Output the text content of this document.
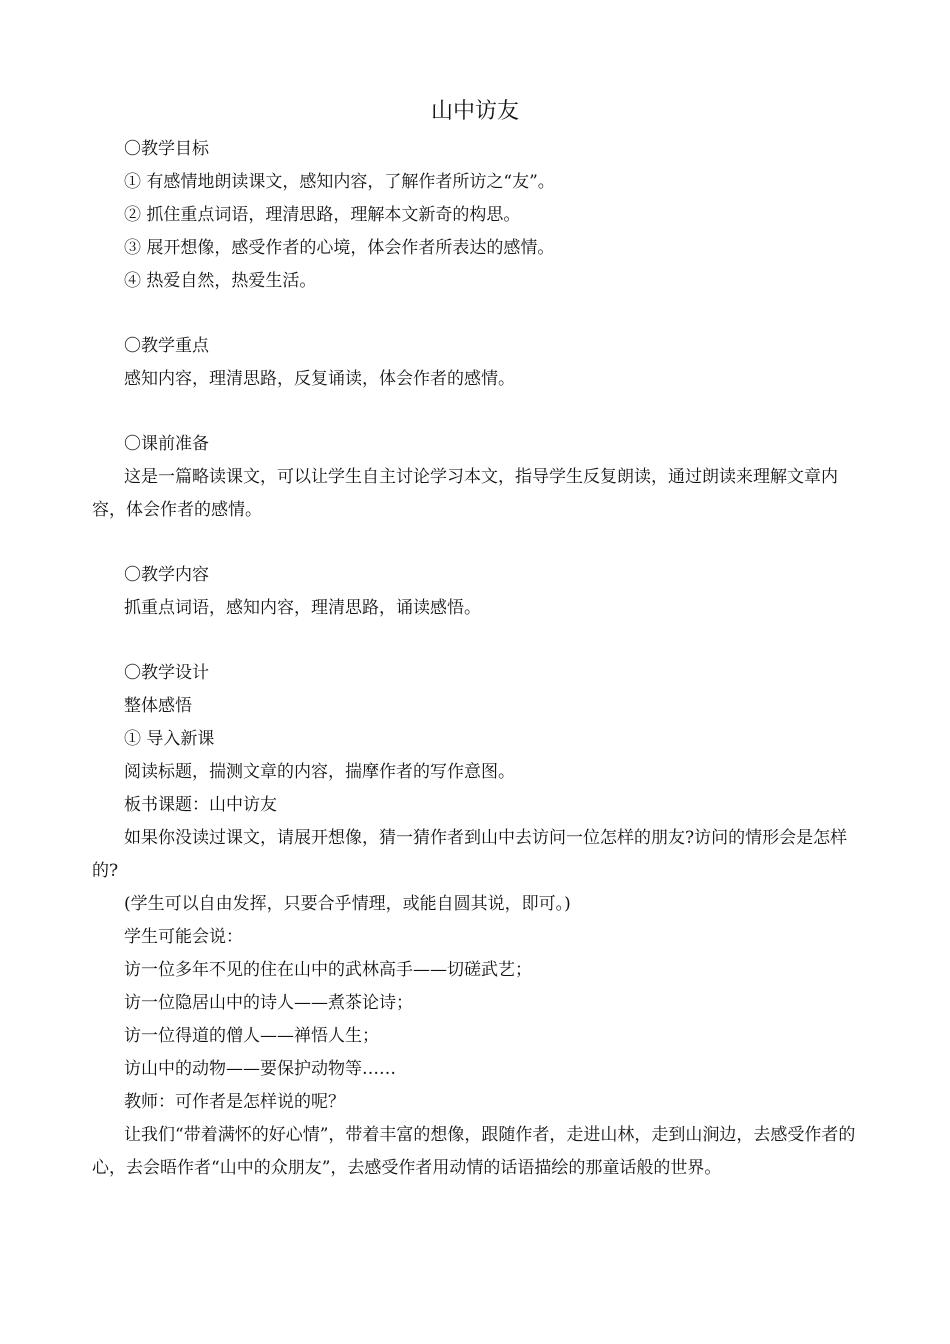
山中访友

〇教学目标

① 有感情地朗读课文，感知内容，了解作者所访之“友”。

② 抓住重点词语，理清思路，理解本文新奇的构思。

③ 展开想像，感受作者的心境，体会作者所表达的感情。

④ 热爱自然，热爱生活。

〇教学重点

感知内容，理清思路，反复诵读，体会作者的感情。

〇课前准备

这是一篇略读课文，可以让学生自主讨论学习本文，指导学生反复朗读，通过朗读来理解文章内容，体会作者的感情。

〇教学内容

抓重点词语，感知内容，理清思路，诵读感悟。

〇教学设计

整体感悟

① 导入新课

阅读标题，揣测文章的内容，揣摩作者的写作意图。

板书课题：山中访友

如果你没读过课文，请展开想像，猜一猜作者到山中去访问一位怎样的朋友?访问的情形会是怎样的?

(学生可以自由发挥，只要合乎情理，或能自圆其说，即可。)

学生可能会说：

访一位多年不见的住在山中的武林高手——切磋武艺；

访一位隐居山中的诗人——煮茶论诗；

访一位得道的僧人——禅悟人生；

访山中的动物——要保护动物等……

教师：可作者是怎样说的呢？

让我们“带着满怀的好心情”，带着丰富的想像，跟随作者，走进山林，走到山涧边，去感受作者的心，去会晤作者“山中的众朋友”，去感受作者用动情的话语描绘的那童话般的世界。
